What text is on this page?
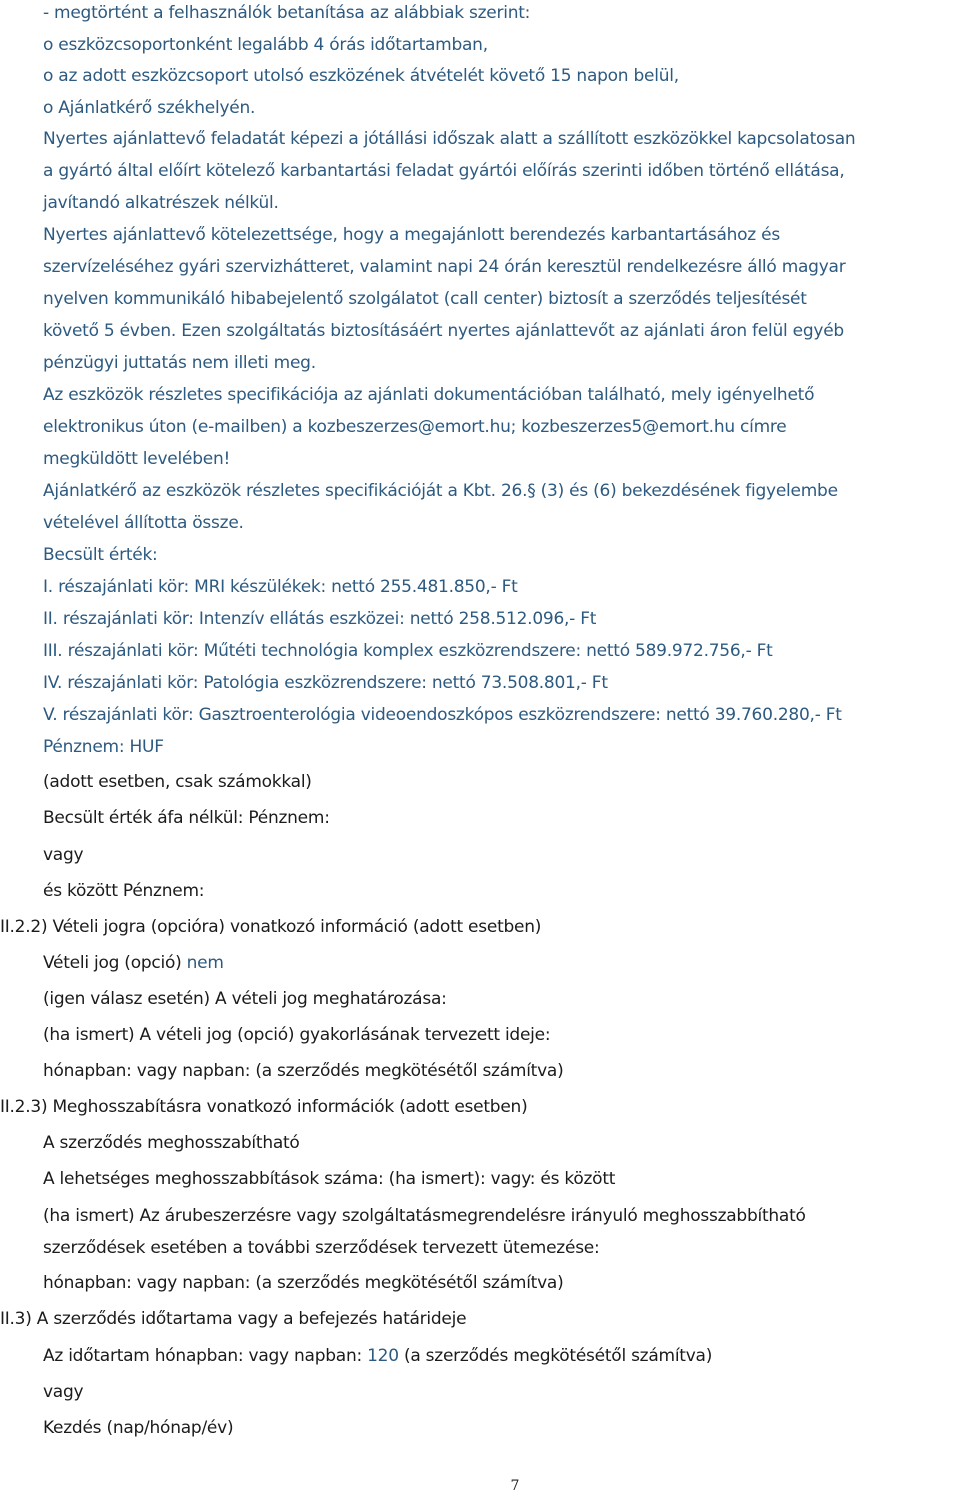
- megtörtént a felhasználók betanítása az alábbiak szerint:
o eszközcsoportonként legalább 4 órás időtartamban,
o az adott eszközcsoport utolsó eszközének átvételét követő 15 napon belül,
o Ajánlatkérő székhelyén.
Nyertes ajánlattevő feladatát képezi a jótállási időszak alatt a szállított eszközökkel kapcsolatosan
a gyártó által előírt kötelező karbantartási feladat gyártói előírás szerinti időben történő ellátása,
javítandó alkatrészek nélkül.
Nyertes ajánlattevő kötelezettsége, hogy a megajánlott berendezés karbantartásához és
szervízeléséhez gyári szervizhátteret, valamint napi 24 órán keresztül rendelkezésre álló magyar
nyelven kommunikáló hibabejelentő szolgálatot (call center) biztosít a szerződés teljesítését
követő 5 évben. Ezen szolgáltatás biztosításáért nyertes ajánlattevőt az ajánlati áron felül egyéb
pénzügyi juttatás nem illeti meg.
Az eszközök részletes specifikációja az ajánlati dokumentációban található, mely igényelhető
elektronikus úton (e-mailben) a kozbeszerzes@emort.hu; kozbeszerzes5@emort.hu címre
megküldött levelében!
Ajánlatkérő az eszközök részletes specifikációját a Kbt. 26.§ (3) és (6) bekezdésének figyelembe
vételével állította össze.
Becsült érték:
I. részajánlati kör: MRI készülékek: nettó 255.481.850,- Ft
II. részajánlati kör: Intenzív ellátás eszközei: nettó 258.512.096,- Ft
III. részajánlati kör: Műtéti technológia komplex eszközrendszere: nettó 589.972.756,- Ft
IV. részajánlati kör: Patológia eszközrendszere: nettó 73.508.801,- Ft
V. részajánlati kör: Gasztroenterológia videoendoszkópos eszközrendszere: nettó 39.760.280,- Ft
Pénznem: HUF
(adott esetben, csak számokkal)
Becsült érték áfa nélkül: Pénznem:
vagy
és között Pénznem:
II.2.2) Vételi jogra (opcióra) vonatkozó információ (adott esetben)
Vételi jog (opció) nem
(igen válasz esetén) A vételi jog meghatározása:
(ha ismert) A vételi jog (opció) gyakorlásának tervezett ideje:
hónapban: vagy napban: (a szerződés megkötésétől számítva)
II.2.3) Meghosszabításra vonatkozó információk (adott esetben)
A szerződés meghosszabítható
A lehetséges meghosszabbítások száma: (ha ismert): vagy: és között
(ha ismert) Az árubeszerzésre vagy szolgáltatásmegrendelésre irányuló meghosszabbítható
szerződések esetében a további szerződések tervezett ütemezése:
hónapban: vagy napban: (a szerződés megkötésétől számítva)
II.3) A szerződés időtartama vagy a befejezés határideje
Az időtartam hónapban: vagy napban: 120 (a szerződés megkötésétől számítva)
vagy
Kezdés (nap/hónap/év)
7
